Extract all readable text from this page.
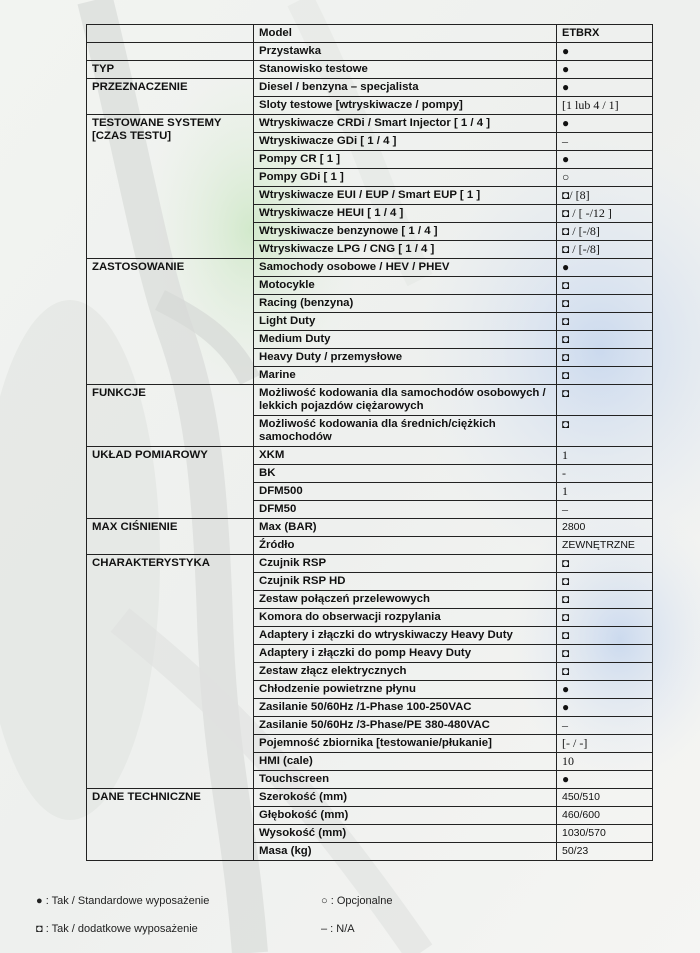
	Model	ETBRX
	Przystawka	●
TYP	Stanowisko testowe	●
PRZEZNACZENIE	Diesel / benzyna – specjalista	●
	Sloty testowe [wtryskiwacze / pompy]	[1 lub 4 / 1]
TESTOWANE SYSTEMY [CZAS TESTU]	Wtryskiwacze CRDi / Smart Injector [ 1 / 4 ]	●
	Wtryskiwacze GDi [ 1 / 4 ]	–
	Pompy CR [ 1 ]	●
	Pompy GDi [ 1 ]	○
	Wtryskiwacze EUI / EUP / Smart EUP [ 1 ]	◘/ [8]
	Wtryskiwacze HEUI [ 1 / 4 ]	◘ / [ -/12 ]
	Wtryskiwacze benzynowe [ 1 / 4 ]	◘ / [-/8]
	Wtryskiwacze LPG / CNG [ 1 / 4 ]	◘ / [-/8]
ZASTOSOWANIE	Samochody osobowe / HEV / PHEV	●
	Motocykle	◘
	Racing (benzyna)	◘
	Light Duty	◘
	Medium Duty	◘
	Heavy Duty / przemysłowe	◘
	Marine	◘
FUNKCJE	Możliwość kodowania dla samochodów osobowych / lekkich pojazdów ciężarowych	◘
	Możliwość kodowania dla średnich/ciężkich samochodów	◘
UKŁAD POMIAROWY	XKM	1
	BK	-
	DFM500	1
	DFM50	–
MAX CIŚNIENIE	Max (BAR)	2800
	Źródło	ZEWNĘTRZNE
CHARAKTERYSTYKA	Czujnik RSP	◘
	Czujnik RSP HD	◘
	Zestaw połączeń przelewowych	◘
	Komora do obserwacji rozpylania	◘
	Adaptery i złączki do wtryskiwaczy Heavy Duty	◘
	Adaptery i złączki do pomp Heavy Duty	◘
	Zestaw złącz elektrycznych	◘
	Chłodzenie powietrzne płynu	●
	Zasilanie 50/60Hz /1-Phase 100-250VAC	●
	Zasilanie 50/60Hz /3-Phase/PE 380-480VAC	–
	Pojemność zbiornika [testowanie/płukanie]	[- / -]
	HMI (cale)	10
	Touchscreen	●
DANE TECHNICZNE	Szerokość (mm)	450/510
	Głębokość (mm)	460/600
	Wysokość (mm)	1030/570
	Masa (kg)	50/23
● : Tak / Standardowe wyposażenie	○ : Opcjonalne
◘ : Tak / dodatkowe wyposażenie	– : N/A
